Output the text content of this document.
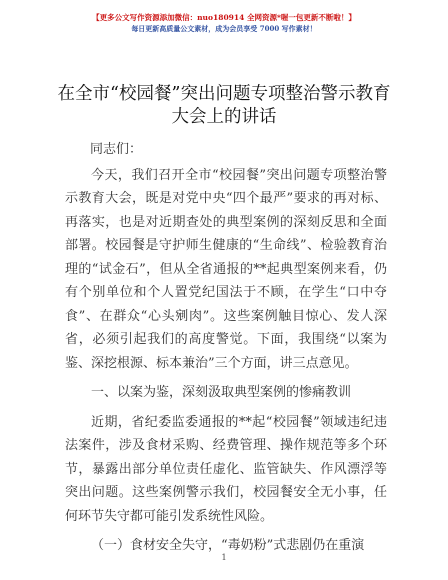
【更多公文写作资源添加微信：nuo180914 全网资源*喔一包更新不断啦！】
每日更新高质量公文素材，成为会员享受 7000 写作素材！
在全市“校园餐”突出问题专项整治警示教育
大会上的讲话

同志们：

今天，我们召开全市“校园餐”突出问题专项整治警示教育大会，既是对党中央“四个最严”要求的再对标、再落实，也是对近期查处的典型案例的深刻反思和全面部署。校园餐是守护师生健康的“生命线”、检验教育治理的“试金石”，但从全省通报的**起典型案例来看，仍有个别单位和个人置党纪国法于不顾，在学生“口中夺食”、在群众“心头剜肉”。这些案例触目惊心、发人深省，必须引起我们的高度警觉。下面，我围绕“以案为鉴、深挖根源、标本兼治”三个方面，讲三点意见。

一、以案为鉴，深刻汲取典型案例的惨痛教训

近期，省纪委监委通报的**起“校园餐”领域违纪违法案件，涉及食材采购、经费管理、操作规范等多个环节，暴露出部分单位责任虚化、监管缺失、作风漂浮等突出问题。这些案例警示我们，校园餐安全无小事，任何环节失守都可能引发系统性风险。

（一）食材安全失守，“毒奶粉”式悲剧仍在重演

1
